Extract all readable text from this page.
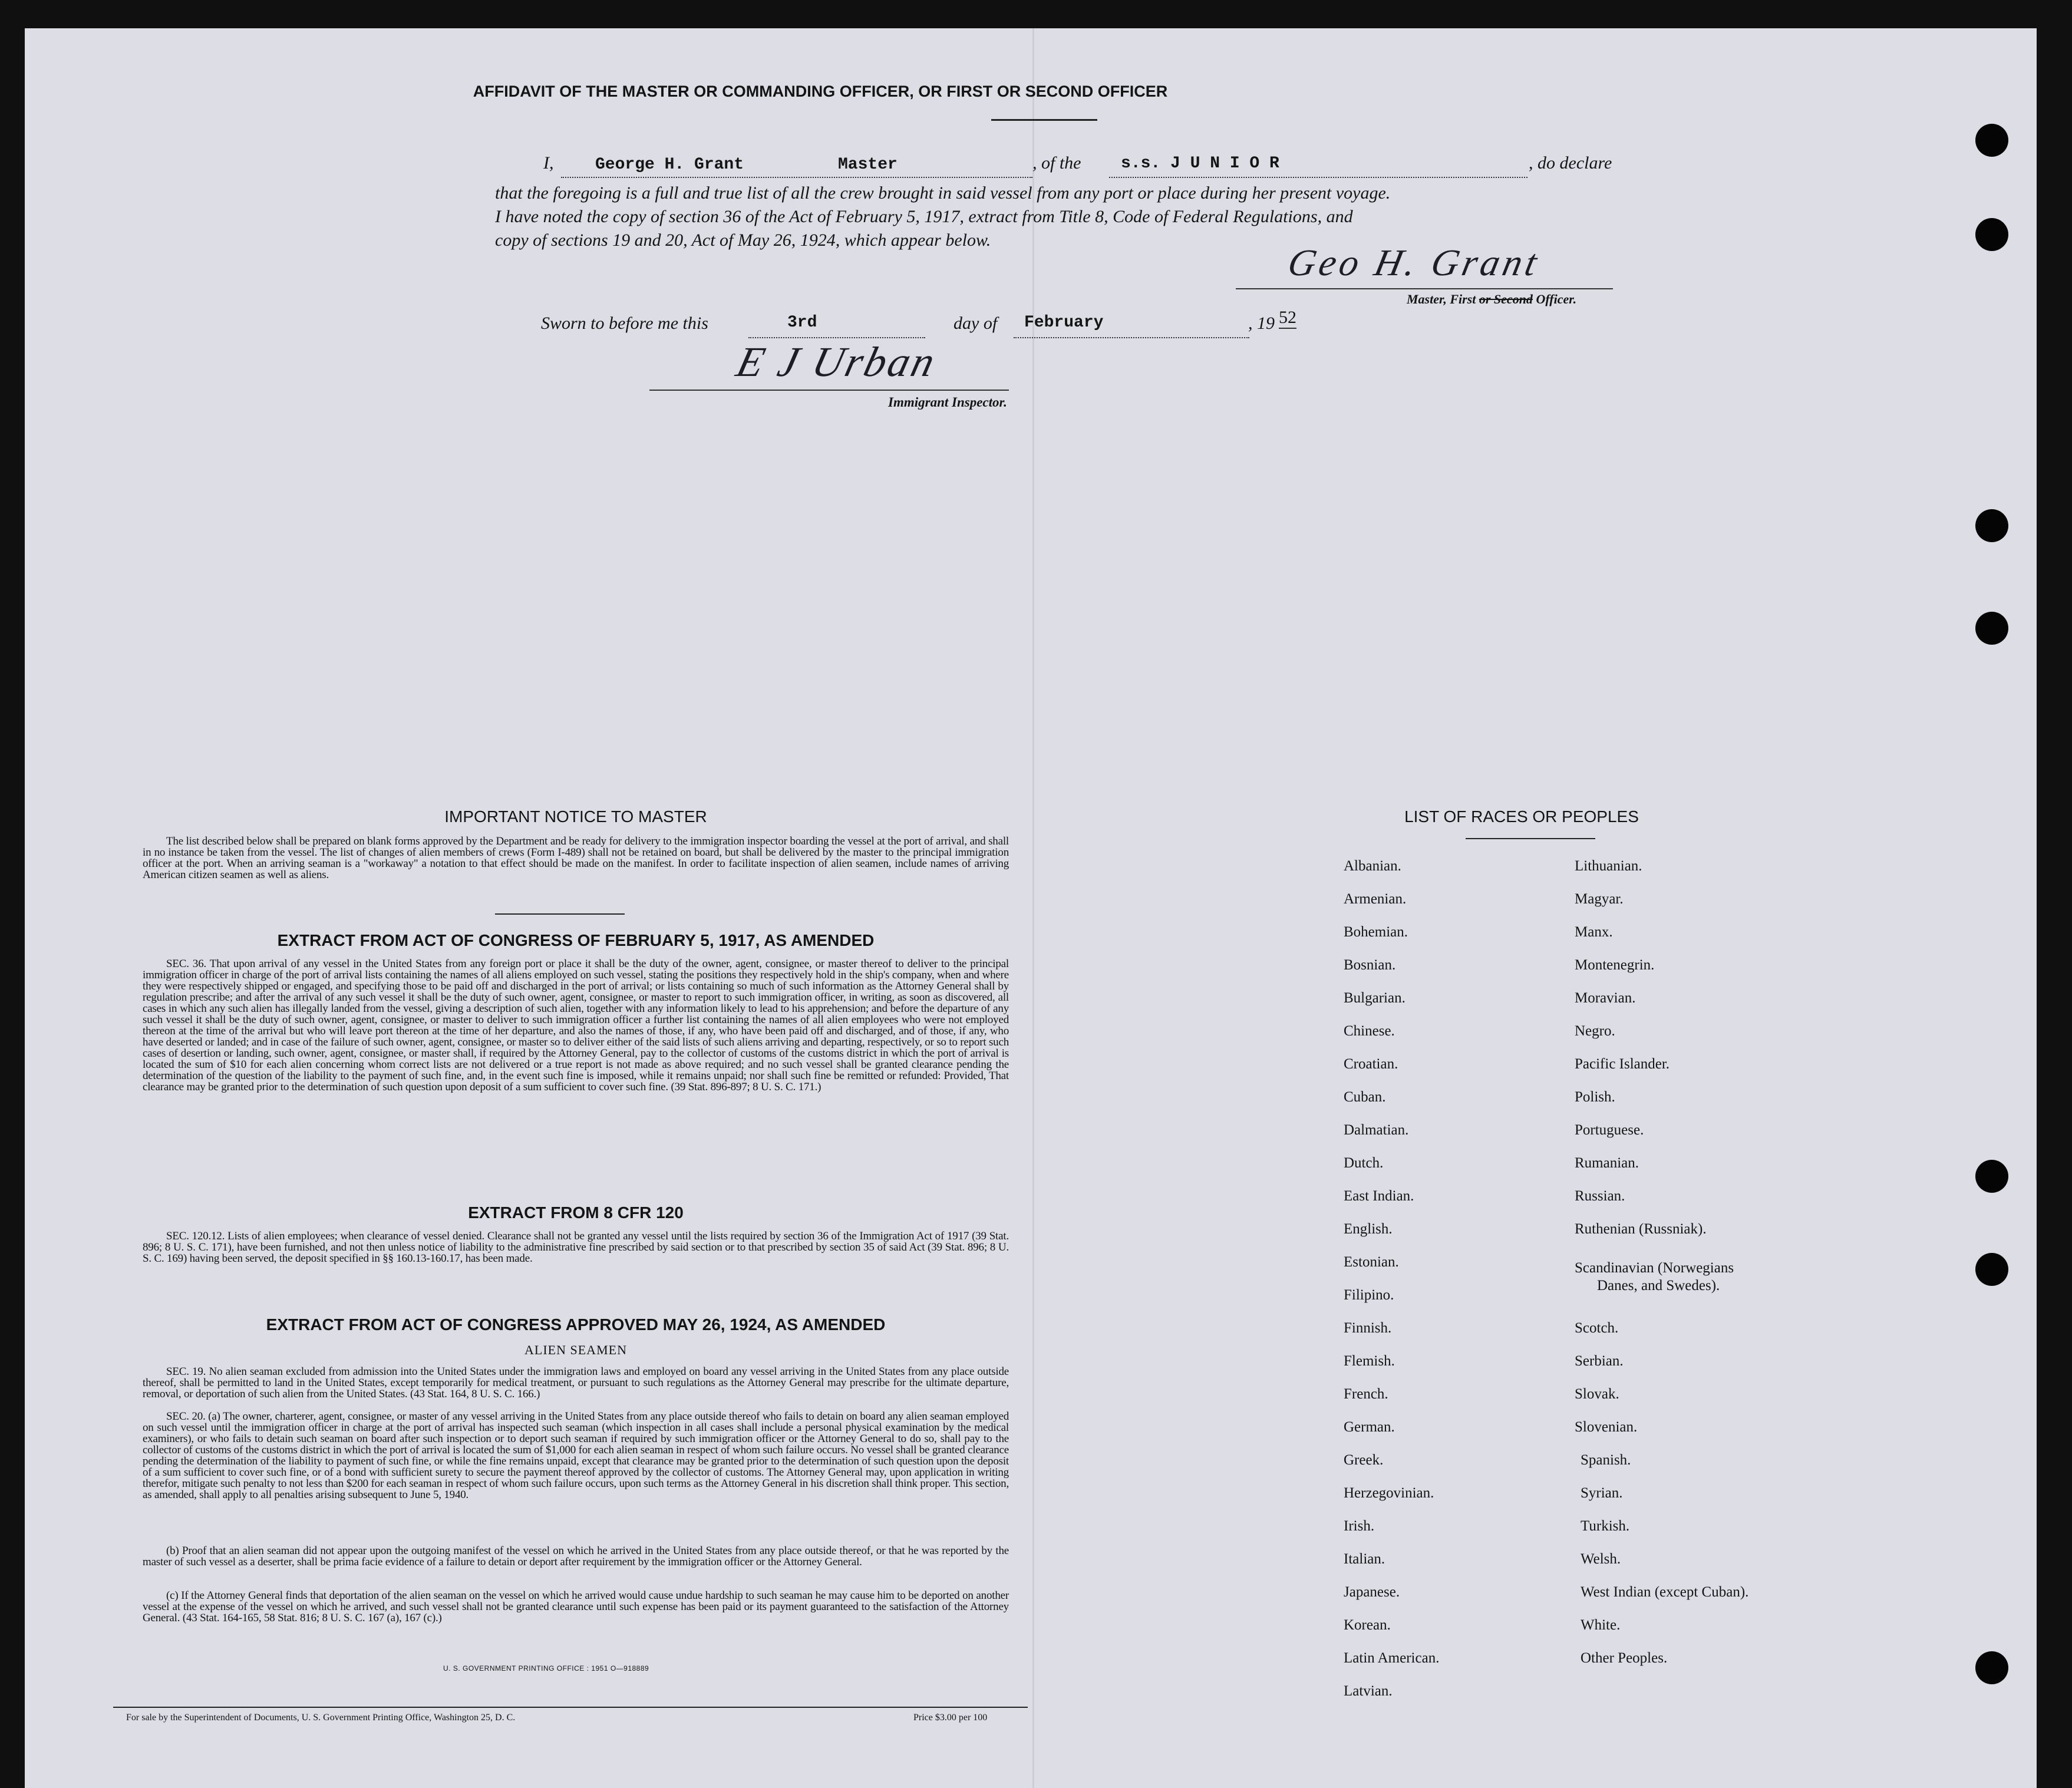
AFFIDAVIT OF THE MASTER OR COMMANDING OFFICER, OR FIRST OR SECOND OFFICER
I,	George H. Grant	Master	, of the s.s. J U N I O R	, do declare
that the foregoing is a full and true list of all the crew brought in said vessel from any port or place during her present voyage.
I have noted the copy of section 36 of the Act of February 5, 1917, extract from Title 8, Code of Federal Regulations, and
copy of sections 19 and 20, Act of May 26, 1924, which appear below.
Geo H. Grant
Master, First or Second Officer.
Sworn to before me this	3rd	day of February	, 19 52
E J Urban
Immigrant Inspector.
IMPORTANT NOTICE TO MASTER
The list described below shall be prepared on blank forms approved by the Department and be ready for delivery to the immigration inspector boarding the vessel at the port of arrival, and shall in no instance be taken from the vessel. The list of changes of alien members of crews (Form I-489) shall not be retained on board, but shall be delivered by the master to the principal immigration officer at the port. When an arriving seaman is a "workaway" a notation to that effect should be made on the manifest. In order to facilitate inspection of alien seamen, include names of arriving American citizen seamen as well as aliens.
EXTRACT FROM ACT OF CONGRESS OF FEBRUARY 5, 1917, AS AMENDED
SEC. 36. That upon arrival of any vessel in the United States from any foreign port or place it shall be the duty of the owner, agent, consignee, or master thereof to deliver to the principal immigration officer in charge of the port of arrival lists containing the names of all aliens employed on such vessel, stating the positions they respectively hold in the ship's company, when and where they were respectively shipped or engaged, and specifying those to be paid off and discharged in the port of arrival; or lists containing so much of such information as the Attorney General shall by regulation prescribe; and after the arrival of any such vessel it shall be the duty of such owner, agent, consignee, or master to report to such immigration officer, in writing, as soon as discovered, all cases in which any such alien has illegally landed from the vessel, giving a description of such alien, together with any information likely to lead to his apprehension; and before the departure of any such vessel it shall be the duty of such owner, agent, consignee, or master to deliver to such immigration officer a further list containing the names of all alien employees who were not employed thereon at the time of the arrival but who will leave port thereon at the time of her departure, and also the names of those, if any, who have been paid off and discharged, and of those, if any, who have deserted or landed; and in case of the failure of such owner, agent, consignee, or master so to deliver either of the said lists of such aliens arriving and departing, respectively, or so to report such cases of desertion or landing, such owner, agent, consignee, or master shall, if required by the Attorney General, pay to the collector of customs of the customs district in which the port of arrival is located the sum of $10 for each alien concerning whom correct lists are not delivered or a true report is not made as above required; and no such vessel shall be granted clearance pending the determination of the question of the liability to the payment of such fine, and, in the event such fine is imposed, while it remains unpaid; nor shall such fine be remitted or refunded: Provided, That clearance may be granted prior to the determination of such question upon deposit of a sum sufficient to cover such fine. (39 Stat. 896-897; 8 U. S. C. 171.)
EXTRACT FROM 8 CFR 120
SEC. 120.12. Lists of alien employees; when clearance of vessel denied. Clearance shall not be granted any vessel until the lists required by section 36 of the Immigration Act of 1917 (39 Stat. 896; 8 U. S. C. 171), have been furnished, and not then unless notice of liability to the administrative fine prescribed by said section or to that prescribed by section 35 of said Act (39 Stat. 896; 8 U. S. C. 169) having been served, the deposit specified in §§ 160.13-160.17, has been made.
EXTRACT FROM ACT OF CONGRESS APPROVED MAY 26, 1924, AS AMENDED
ALIEN SEAMEN
SEC. 19. No alien seaman excluded from admission into the United States under the immigration laws and employed on board any vessel arriving in the United States from any place outside thereof, shall be permitted to land in the United States, except temporarily for medical treatment, or pursuant to such regulations as the Attorney General may prescribe for the ultimate departure, removal, or deportation of such alien from the United States. (43 Stat. 164, 8 U. S. C. 166.)
SEC. 20. (a) The owner, charterer, agent, consignee, or master of any vessel arriving in the United States from any place outside thereof who fails to detain on board any alien seaman employed on such vessel until the immigration officer in charge at the port of arrival has inspected such seaman (which inspection in all cases shall include a personal physical examination by the medical examiners), or who fails to detain such seaman on board after such inspection or to deport such seaman if required by such immigration officer or the Attorney General to do so, shall pay to the collector of customs of the customs district in which the port of arrival is located the sum of $1,000 for each alien seaman in respect of whom such failure occurs. No vessel shall be granted clearance pending the determination of the liability to payment of such fine, or while the fine remains unpaid, except that clearance may be granted prior to the determination of such question upon the deposit of a sum sufficient to cover such fine, or of a bond with sufficient surety to secure the payment thereof approved by the collector of customs. The Attorney General may, upon application in writing therefor, mitigate such penalty to not less than $200 for each seaman in respect of whom such failure occurs, upon such terms as the Attorney General in his discretion shall think proper. This section, as amended, shall apply to all penalties arising subsequent to June 5, 1940.
(b) Proof that an alien seaman did not appear upon the outgoing manifest of the vessel on which he arrived in the United States from any place outside thereof, or that he was reported by the master of such vessel as a deserter, shall be prima facie evidence of a failure to detain or deport after requirement by the immigration officer or the Attorney General.
(c) If the Attorney General finds that deportation of the alien seaman on the vessel on which he arrived would cause undue hardship to such seaman he may cause him to be deported on another vessel at the expense of the vessel on which he arrived, and such vessel shall not be granted clearance until such expense has been paid or its payment guaranteed to the satisfaction of the Attorney General. (43 Stat. 164-165, 58 Stat. 816; 8 U. S. C. 167 (a), 167 (c).)
U. S. GOVERNMENT PRINTING OFFICE : 1951 O—918889
For sale by the Superintendent of Documents, U. S. Government Printing Office, Washington 25, D. C.	Price $3.00 per 100
LIST OF RACES OR PEOPLES
Albanian.
Armenian.
Bohemian.
Bosnian.
Bulgarian.
Chinese.
Croatian.
Cuban.
Dalmatian.
Dutch.
East Indian.
English.
Estonian.
Filipino.
Finnish.
Flemish.
French.
German.
Greek.
Herzegovinian.
Irish.
Italian.
Japanese.
Korean.
Latin American.
Latvian.
Lithuanian.
Magyar.
Manx.
Montenegrin.
Moravian.
Negro.
Pacific Islander.
Polish.
Portuguese.
Rumanian.
Russian.
Ruthenian (Russniak).
Scandinavian (Norwegians
Danes, and Swedes).
Scotch.
Serbian.
Slovak.
Slovenian.
Spanish.
Syrian.
Turkish.
Welsh.
West Indian (except Cuban).
White.
Other Peoples.
